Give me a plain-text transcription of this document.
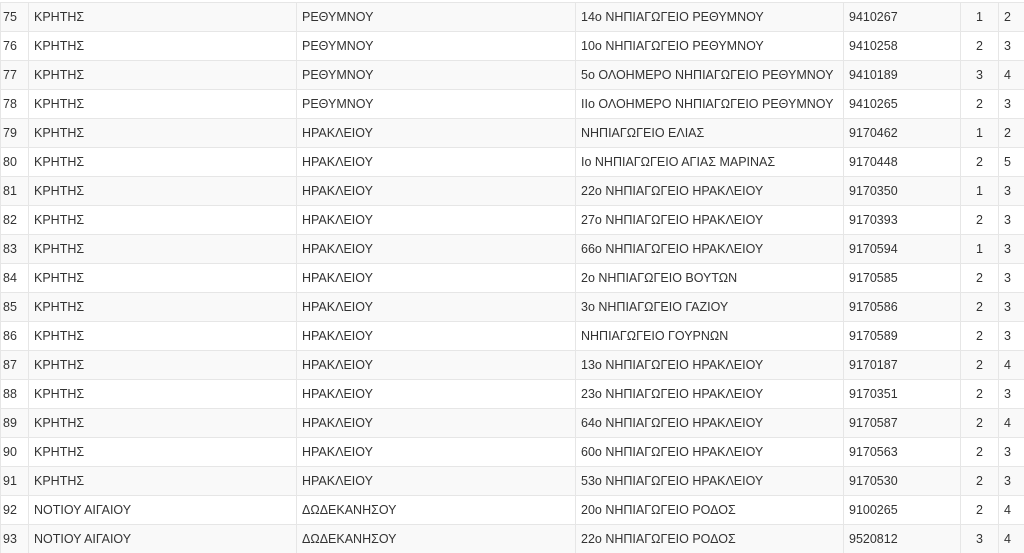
75	ΚΡΗΤΗΣ	ΡΕΘΥΜΝΟΥ	14ο ΝΗΠΙΑΓΩΓΕΙΟ ΡΕΘΥΜΝΟΥ	9410267	1	2
76	ΚΡΗΤΗΣ	ΡΕΘΥΜΝΟΥ	10ο ΝΗΠΙΑΓΩΓΕΙΟ ΡΕΘΥΜΝΟΥ	9410258	2	3
77	ΚΡΗΤΗΣ	ΡΕΘΥΜΝΟΥ	5ο ΟΛΟΗΜΕΡΟ ΝΗΠΙΑΓΩΓΕΙΟ ΡΕΘΥΜΝΟΥ	9410189	3	4
78	ΚΡΗΤΗΣ	ΡΕΘΥΜΝΟΥ	ΙΙο ΟΛΟΗΜΕΡΟ ΝΗΠΙΑΓΩΓΕΙΟ ΡΕΘΥΜΝΟΥ	9410265	2	3
79	ΚΡΗΤΗΣ	ΗΡΑΚΛΕΙΟΥ	ΝΗΠΙΑΓΩΓΕΙΟ ΕΛΙΑΣ	9170462	1	2
80	ΚΡΗΤΗΣ	ΗΡΑΚΛΕΙΟΥ	Ιο ΝΗΠΙΑΓΩΓΕΙΟ ΑΓΙΑΣ ΜΑΡΙΝΑΣ	9170448	2	5
81	ΚΡΗΤΗΣ	ΗΡΑΚΛΕΙΟΥ	22ο ΝΗΠΙΑΓΩΓΕΙΟ ΗΡΑΚΛΕΙΟΥ	9170350	1	3
82	ΚΡΗΤΗΣ	ΗΡΑΚΛΕΙΟΥ	27ο ΝΗΠΙΑΓΩΓΕΙΟ ΗΡΑΚΛΕΙΟΥ	9170393	2	3
83	ΚΡΗΤΗΣ	ΗΡΑΚΛΕΙΟΥ	66ο ΝΗΠΙΑΓΩΓΕΙΟ ΗΡΑΚΛΕΙΟΥ	9170594	1	3
84	ΚΡΗΤΗΣ	ΗΡΑΚΛΕΙΟΥ	2ο ΝΗΠΙΑΓΩΓΕΙΟ ΒΟΥΤΩΝ	9170585	2	3
85	ΚΡΗΤΗΣ	ΗΡΑΚΛΕΙΟΥ	3ο ΝΗΠΙΑΓΩΓΕΙΟ ΓΑΖΙΟΥ	9170586	2	3
86	ΚΡΗΤΗΣ	ΗΡΑΚΛΕΙΟΥ	ΝΗΠΙΑΓΩΓΕΙΟ ΓΟΥΡΝΩΝ	9170589	2	3
87	ΚΡΗΤΗΣ	ΗΡΑΚΛΕΙΟΥ	13ο ΝΗΠΙΑΓΩΓΕΙΟ ΗΡΑΚΛΕΙΟΥ	9170187	2	4
88	ΚΡΗΤΗΣ	ΗΡΑΚΛΕΙΟΥ	23ο ΝΗΠΙΑΓΩΓΕΙΟ ΗΡΑΚΛΕΙΟΥ	9170351	2	3
89	ΚΡΗΤΗΣ	ΗΡΑΚΛΕΙΟΥ	64ο ΝΗΠΙΑΓΩΓΕΙΟ ΗΡΑΚΛΕΙΟΥ	9170587	2	4
90	ΚΡΗΤΗΣ	ΗΡΑΚΛΕΙΟΥ	60ο ΝΗΠΙΑΓΩΓΕΙΟ ΗΡΑΚΛΕΙΟΥ	9170563	2	3
91	ΚΡΗΤΗΣ	ΗΡΑΚΛΕΙΟΥ	53ο ΝΗΠΙΑΓΩΓΕΙΟ ΗΡΑΚΛΕΙΟΥ	9170530	2	3
92	ΝΟΤΙΟΥ ΑΙΓΑΙΟΥ	ΔΩΔΕΚΑΝΗΣΟΥ	20ο ΝΗΠΙΑΓΩΓΕΙΟ ΡΟΔΟΣ	9100265	2	4
93	ΝΟΤΙΟΥ ΑΙΓΑΙΟΥ	ΔΩΔΕΚΑΝΗΣΟΥ	22ο ΝΗΠΙΑΓΩΓΕΙΟ ΡΟΔΟΣ	9520812	3	4
